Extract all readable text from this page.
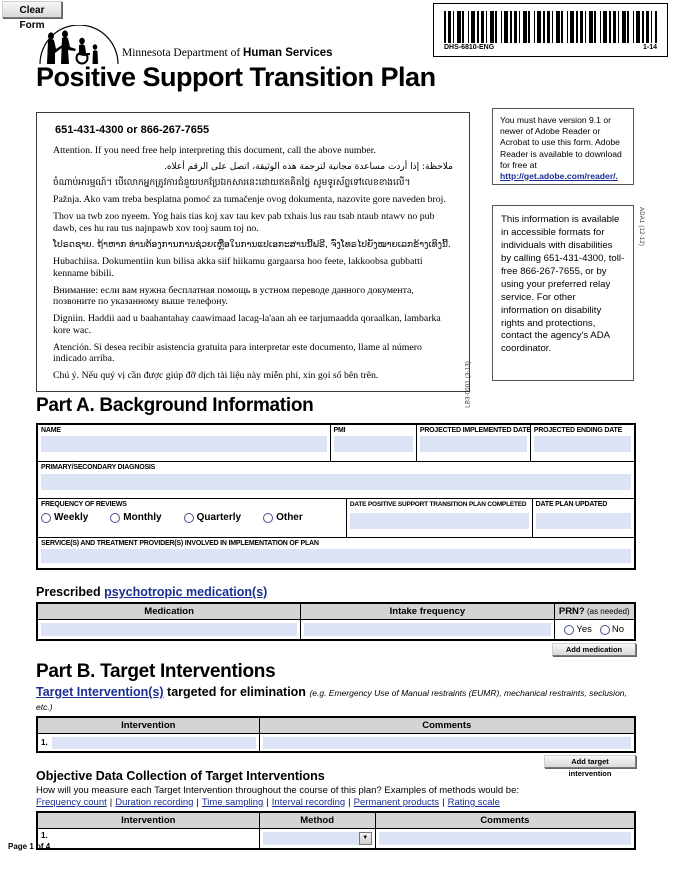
Clear Form
Minnesota Department of Human Services
Positive Support Transition Plan
DHS-6810-ENG	1-14
651-431-4300 or 866-267-7655

Attention. If you need free help interpreting this document, call the above number.

ملاحظة: إذا أردت مساعدة مجانية لترجمة هذه الوثيقة، اتصل على الرقم أعلاه.

ចំណាប់អារម្មណ៍។ បើលោកអ្នកត្រូវការជំនួយបកប្រែឯកសារនេះដោយឥតគិតថ្លៃ សូមទូរស័ព្ទទៅលេខខាងលើ។

Pažnja. Ako vam treba besplatna pomoć za tumačenje ovog dokumenta, nazovite gore naveden broj.

Thov ua twb zoo nyeem. Yog hais tias koj xav tau kev pab txhais lus rau tsab ntaub ntawv no pub dawb, ces hu rau tus najnpawb xov tooj saum toj no.

ໂປຣດຊາບ. ຖ້າຫາກ ທ່ານຕ້ອງການການຊ່ວຍເຫຼືອໃນການແປເອກະສານນີ້ຟຣີ, ຈົ່ງໂທຣໄປຍັງໝາຍເລກຂ້າງເທິງນີ້.

Hubachiisa. Dokumentiin kun bilisa akka siif hiikamu gargaarsa hoo feete, lakkoobsa gubbatti kenname bibili.

Внимание: если вам нужна бесплатная помощь в устном переводе данного документа, позвоните по указанному выше телефону.

Digniin. Haddii aad u baahantahay caawimaad lacag-la'aan ah ee tarjumaadda qoraalkan, lambarka kore wac.

Atención. Si desea recibir asistencia gratuita para interpretar este documento, llame al número indicado arriba.

Chú ý. Nếu quý vị cần được giúp đỡ dịch tài liệu này miễn phí, xin gọi số bên trên.	LB3-0001 (3-13)
You must have version 9.1 or newer of Adobe Reader or Acrobat to use this form. Adobe Reader is available to download for free at http://get.adobe.com/reader/.
This information is available in accessible formats for individuals with disabilities by calling 651-431-4300, toll-free 866-267-7655, or by using your preferred relay service. For other information on disability rights and protections, contact the agency's ADA coordinator.
ADA1 (12-12)
Part A. Background Information
NAME	PMI	PROJECTED IMPLEMENTED DATE PROJECTED ENDING DATE
PRIMARY/SECONDARY DIAGNOSIS
FREQUENCY OF REVIEWS
Weekly	Monthly	Quarterly	Other
DATE POSITIVE SUPPORT TRANSITION PLAN COMPLETED	DATE PLAN UPDATED
SERVICE(S) AND TREATMENT PROVIDER(S) INVOLVED IN IMPLEMENTATION OF PLAN
Prescribed psychotropic medication(s)
Medication	Intake frequency	PRN? (as needed)
Yes No
Add medication
Part B. Target Interventions
Target Intervention(s) targeted for elimination (e.g. Emergency Use of Manual restraints (EUMR), mechanical restraints, seclusion, etc.)
Intervention	Comments
1.
Add target intervention
Objective Data Collection of Target Interventions
How will you measure each Target Intervention throughout the course of this plan? Examples of methods would be:
Frequency count | Duration recording | Time sampling | Interval recording | Permanent products | Rating scale
Intervention	Method	Comments
1.	▼
Page 1 of 4
